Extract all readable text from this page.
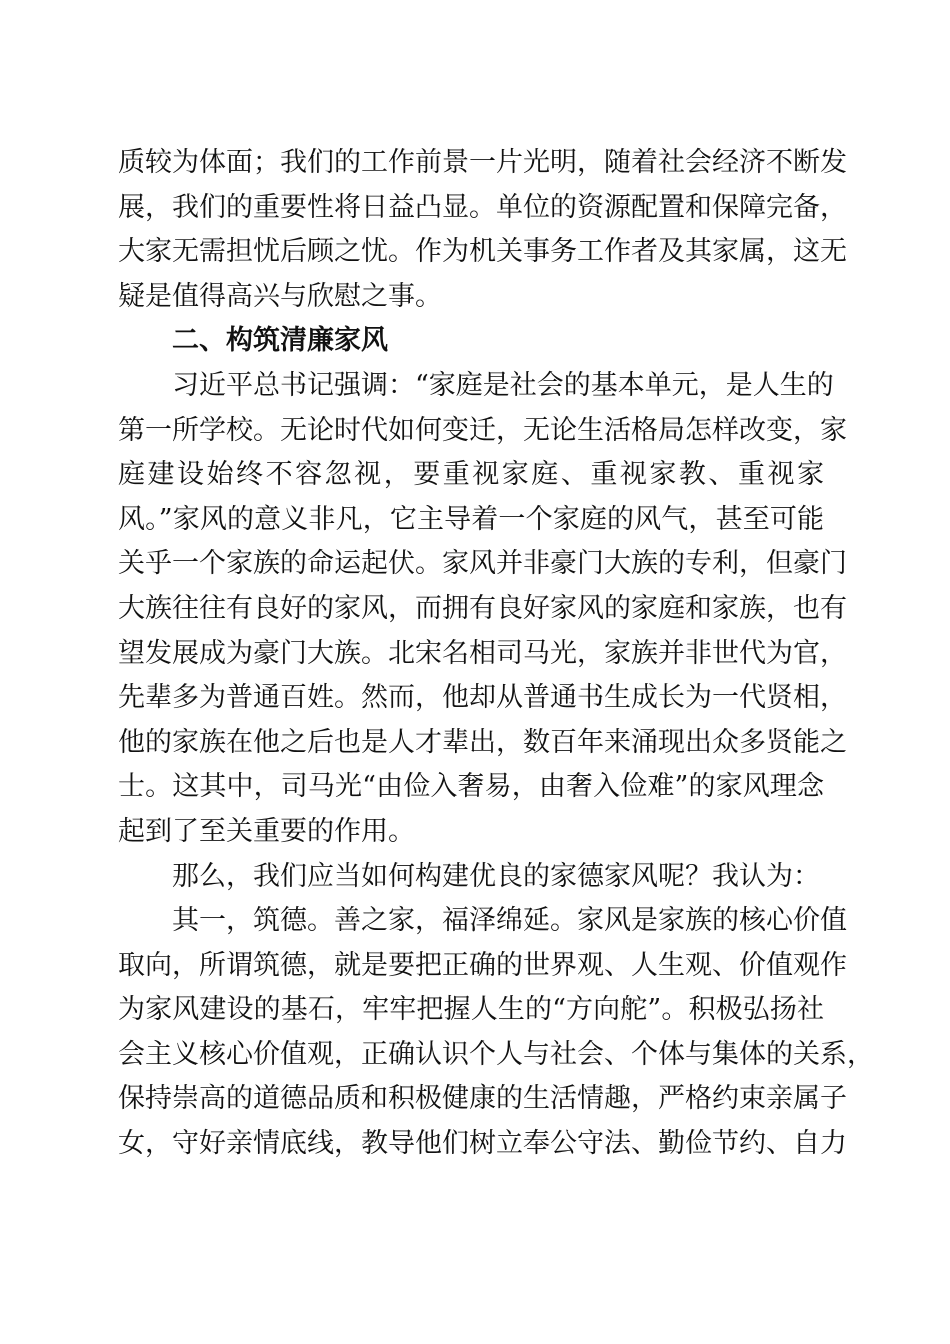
质较为体面；我们的工作前景一片光明，随着社会经济不断发
展，我们的重要性将日益凸显。单位的资源配置和保障完备，
大家无需担忧后顾之忧。作为机关事务工作者及其家属，这无
疑是值得高兴与欣慰之事。
二、构筑清廉家风
习近平总书记强调：“家庭是社会的基本单元，是人生的
第一所学校。无论时代如何变迁，无论生活格局怎样改变，家
庭建设始终不容忽视，要重视家庭、重视家教、重视家
风。”家风的意义非凡，它主导着一个家庭的风气，甚至可能
关乎一个家族的命运起伏。家风并非豪门大族的专利，但豪门
大族往往有良好的家风，而拥有良好家风的家庭和家族，也有
望发展成为豪门大族。北宋名相司马光，家族并非世代为官，
先辈多为普通百姓。然而，他却从普通书生成长为一代贤相，
他的家族在他之后也是人才辈出，数百年来涌现出众多贤能之
士。这其中，司马光“由俭入奢易，由奢入俭难”的家风理念
起到了至关重要的作用。
那么，我们应当如何构建优良的家德家风呢？我认为：
其一，筑德。善之家，福泽绵延。家风是家族的核心价值
取向，所谓筑德，就是要把正确的世界观、人生观、价值观作
为家风建设的基石，牢牢把握人生的“方向舵”。积极弘扬社
会主义核心价值观，正确认识个人与社会、个体与集体的关系，
保持崇高的道德品质和积极健康的生活情趣，严格约束亲属子
女，守好亲情底线，教导他们树立奉公守法、勤俭节约、自力
